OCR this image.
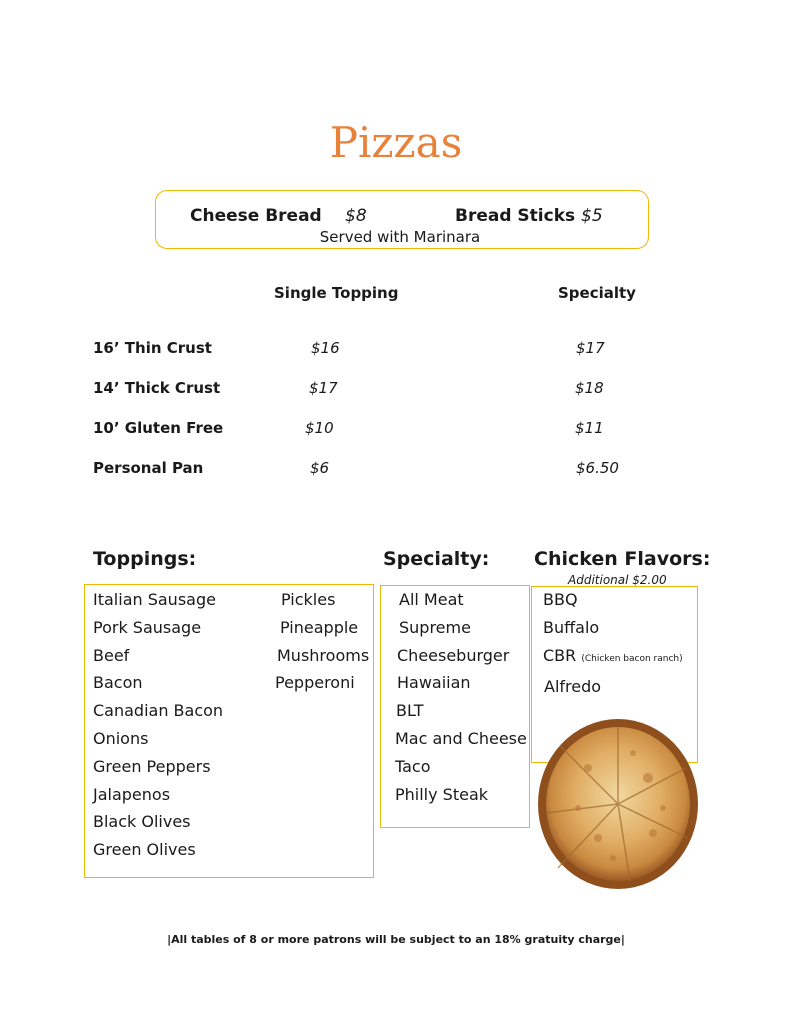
Pizzas
Cheese Bread $8	Bread Sticks $5
Served with Marinara
Single Topping	Specialty
16’ Thin Crust	$16	$17
14’ Thick Crust	$17	$18
10’ Gluten Free	$10	$11
Personal Pan	$6	$6.50
Toppings:	Specialty: Chicken Flavors:
Additional $2.00
Italian Sausage
Pork Sausage
Beef
Bacon
Canadian Bacon
Onions
Green Peppers
Jalapenos
Black Olives
Green Olives
Pickles
Pineapple
Mushrooms
Pepperoni
All Meat
Supreme
Cheeseburger
Hawaiian
BLT
Mac and Cheese
Taco
Philly Steak
BBQ
Buffalo
CBR (Chicken bacon ranch)
Alfredo
|All tables of 8 or more patrons will be subject to an 18% gratuity charge|
